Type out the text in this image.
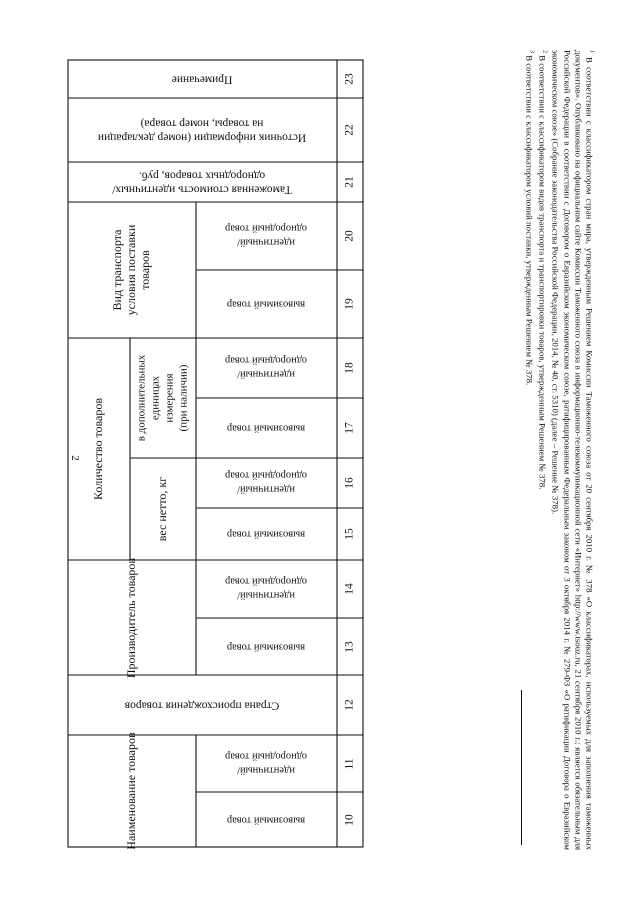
2
10
11
12
13
14
15
16
17
18
19
20
21
22
23
вывозимый товар
вывозимый товар
вывозимый товар
вывозимый товар
вывозимый товар
идентичный/
однородный товар
идентичный/
однородный товар
идентичный/
однородный товар
идентичный/
однородный товар
идентичный/
однородный товар
Страна происхождения товаров
Таможенная стоимость идентичных/
однородных товаров, руб.
Источник информации (номер декларации
на товары, номер товара)
Примечание
Наименование товаров
Производитель товаров
Количество товаров
вес нетто, кг
в дополнительных единицах измерения (при наличии)
Вид транспорта условия поставки товаров

$^1$ В соответствии с классификатором стран мира, утвержденным Решением Комиссии Таможенного союза от 20 сентября 2010 г. № 378 «О классификаторах, используемых для заполнения таможенных документов». Опубликовано на официальном сайте Комиссии Таможенного союза в информационно-телекоммуникационной сети «Интернет» http://www.tsouz.ru, 21 сентября 2010 г.; является обязательным для Российской Федерации в соответствии с Договором о Евразийском экономическом союзе, ратифицированным Федеральным законом от 3 октября 2014 г. № 279-ФЗ «О ратификации Договора о Евразийском экономическом союзе» (Собрание законодательства Российской Федерации, 2014, № 40, ст. 5310) (далее – Решение № 378).

$^2$ В соответствии с классификатором видов транспорта и транспортировки товаров, утвержденным Решением № 378.

$^3$ В соответствии с классификатором условий поставки, утвержденным Решением № 378.
